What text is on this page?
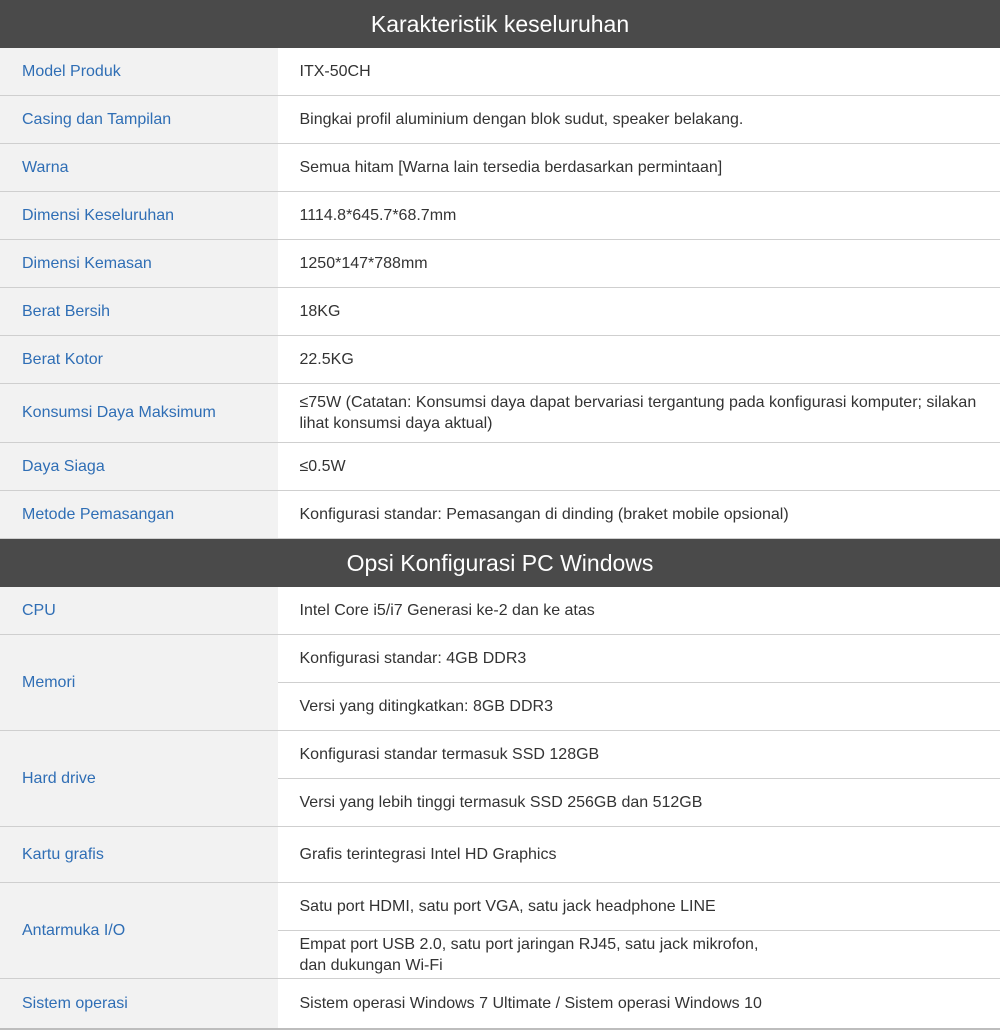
Karakteristik keseluruhan	
Model Produk	ITX-50CH
Casing dan Tampilan	Bingkai profil aluminium dengan blok sudut, speaker belakang.
Warna	Semua hitam [Warna lain tersedia berdasarkan permintaan]
Dimensi Keseluruhan	1114.8*645.7*68.7mm
Dimensi Kemasan	1250*147*788mm
Berat Bersih	18KG
Berat Kotor	22.5KG
Konsumsi Daya Maksimum	≤75W (Catatan: Konsumsi daya dapat bervariasi tergantung pada konfigurasi komputer; silakan lihat konsumsi daya aktual)
Daya Siaga	≤0.5W
Metode Pemasangan	Konfigurasi standar: Pemasangan di dinding (braket mobile opsional)
Opsi Konfigurasi PC Windows	
CPU	Intel Core i5/i7 Generasi ke-2 dan ke atas
Memori	Konfigurasi standar: 4GB DDR3
	Versi yang ditingkatkan: 8GB DDR3
Hard drive	Konfigurasi standar termasuk SSD 128GB
	Versi yang lebih tinggi termasuk SSD 256GB dan 512GB
Kartu grafis	Grafis terintegrasi Intel HD Graphics
Antarmuka I/O	Satu port HDMI, satu port VGA, satu jack headphone LINE

	Empat port USB 2.0, satu port jaringan RJ45, satu jack mikrofon,
dan dukungan Wi-Fi

Sistem operasi	Sistem operasi Windows 7 Ultimate / Sistem operasi Windows 10
